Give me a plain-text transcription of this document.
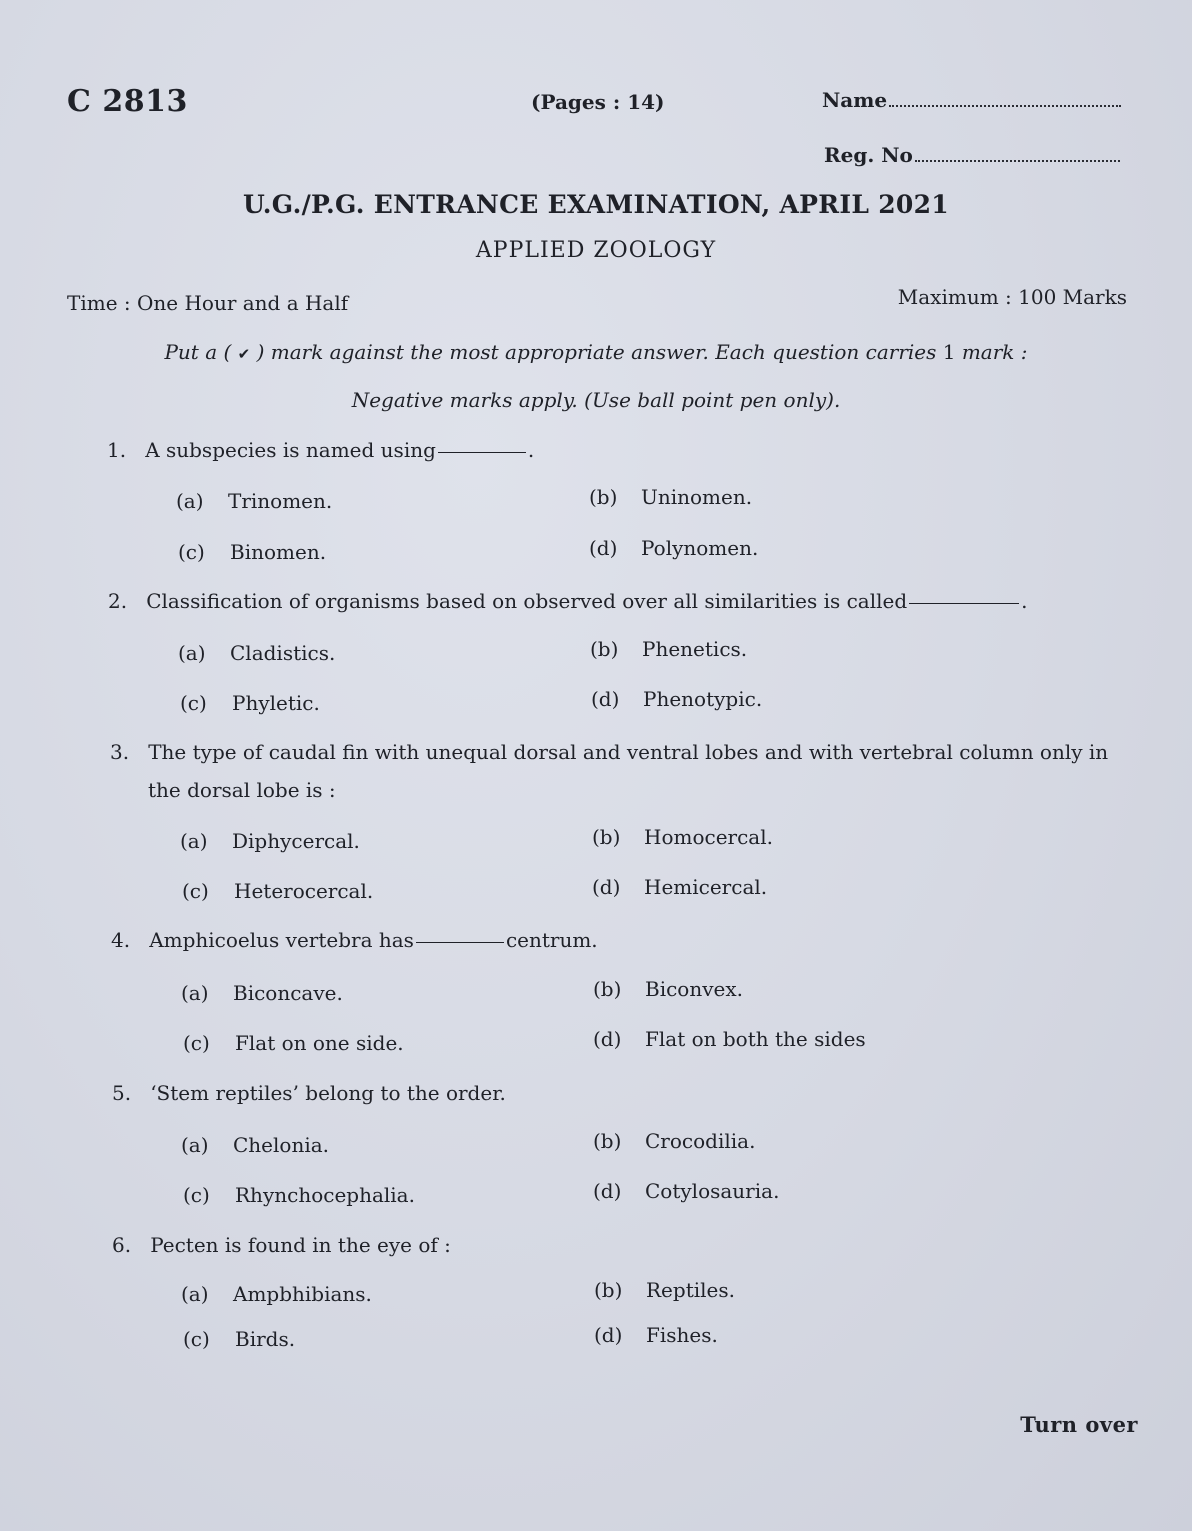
C 2813	(Pages : 14)	Name
Reg. No
U.G./P.G. ENTRANCE EXAMINATION, APRIL 2021
APPLIED ZOOLOGY
Time : One Hour and a Half	Maximum : 100 Marks
Put a ( ✔ ) mark against the most appropriate answer. Each question carries 1 mark :
Negative marks apply. (Use ball point pen only).
1. A subspecies is named using	.
(a) Trinomen.	(b) Uninomen.
(c) Binomen.	(d) Polynomen.
2. Classification of organisms based on observed over all similarities is called	.
(a) Cladistics.	(b) Phenetics.
(c) Phyletic.	(d) Phenotypic.
3. The type of caudal fin with unequal dorsal and ventral lobes and with vertebral column only in
the dorsal lobe is :
(a) Diphycercal.	(b) Homocercal.
(c) Heterocercal.	(d) Hemicercal.
4. Amphicoelus vertebra has	centrum.
(a) Biconcave.	(b) Biconvex.
(c) Flat on one side.	(d) Flat on both the sides
5. ‘Stem reptiles’ belong to the order.
(a) Chelonia.	(b) Crocodilia.
(c) Rhynchocephalia.	(d) Cotylosauria.
6. Pecten is found in the eye of :
(a) Ampbhibians.	(b) Reptiles.
(c) Birds.	(d) Fishes.
Turn over
